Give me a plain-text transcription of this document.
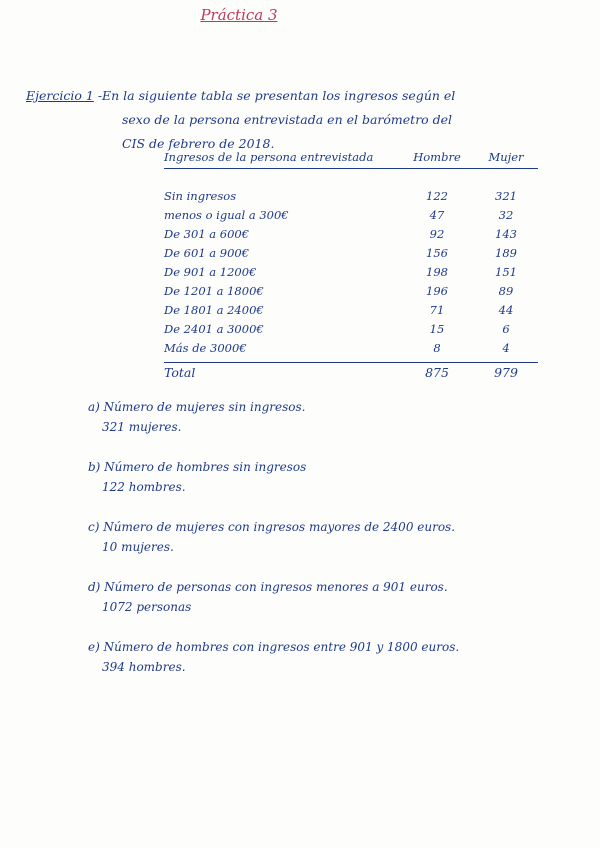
Práctica 3
Ejercicio 1 -En la siguiente tabla se presentan los ingresos según el
sexo de la persona entrevistada en el barómetro del
CIS de febrero de 2018.
Ingresos de la persona entrevistada	Hombre	Mujer
Sin ingresos	122	321
menos o igual a 300€	47	32
De 301 a 600€	92	143
De 601 a 900€	156	189
De 901 a 1200€	198	151
De 1201 a 1800€	196	89
De 1801 a 2400€	71	44
De 2401 a 3000€	15	6
Más de 3000€	8	4
Total	875	979
a) Número de mujeres sin ingresos.
321 mujeres.
b) Número de hombres sin ingresos
122 hombres.
c) Número de mujeres con ingresos mayores de 2400 euros.
10 mujeres.
d) Número de personas con ingresos menores a 901 euros.
1072 personas
e) Número de hombres con ingresos entre 901 y 1800 euros.
394 hombres.
